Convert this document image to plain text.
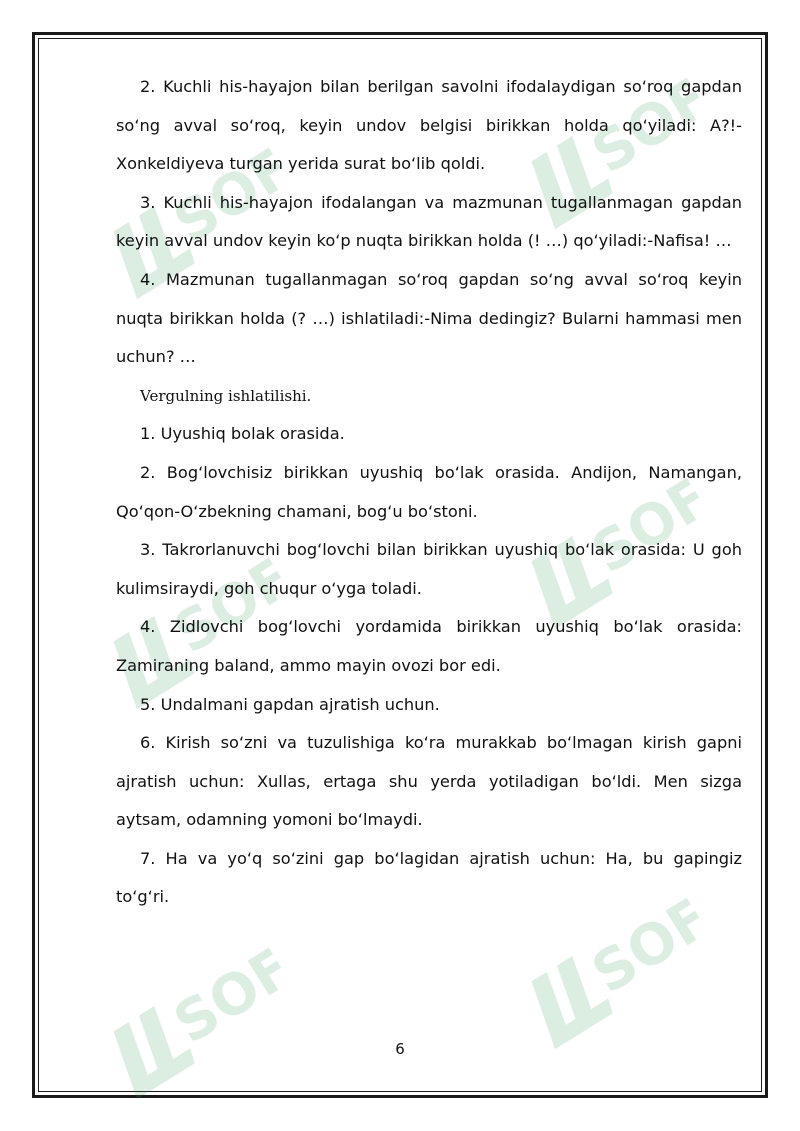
SOFF	SOFF
SOFF
SOFF
SOFF	SOFF

2. Kuchli his-hayajon bilan berilgan savolni ifodalaydigan so‘roq gapdan so‘ng avval so‘roq, keyin undov belgisi birikkan holda qo‘yiladi: A?!-Xonkeldiyeva turgan yerida surat bo‘lib qoldi.

3. Kuchli his-hayajon ifodalangan va mazmunan tugallanmagan gapdan keyin avval undov keyin ko‘p nuqta birikkan holda (! …) qo‘yiladi:-Nafisa! …

4. Mazmunan tugallanmagan so‘roq gapdan so‘ng avval so‘roq keyin nuqta birikkan holda (? …) ishlatiladi:-Nima dedingiz? Bularni hammasi men uchun? …

Vergulning ishlatilishi.

1. Uyushiq bolak orasida.

2. Bog‘lovchisiz birikkan uyushiq bo‘lak orasida. Andijon, Namangan, Qo‘qon-O‘zbekning chamani, bog‘u bo‘stoni.

3. Takrorlanuvchi bog‘lovchi bilan birikkan uyushiq bo‘lak orasida: U goh kulimsiraydi, goh chuqur o‘yga toladi.

4. Zidlovchi bog‘lovchi yordamida birikkan uyushiq bo‘lak orasida: Zamiraning baland, ammo mayin ovozi bor edi.

5. Undalmani gapdan ajratish uchun.

6. Kirish so‘zni va tuzulishiga ko‘ra murakkab bo‘lmagan kirish gapni ajratish uchun: Xullas, ertaga shu yerda yotiladigan bo‘ldi. Men sizga aytsam, odamning yomoni bo‘lmaydi.

7. Ha va yo‘q so‘zini gap bo‘lagidan ajratish uchun: Ha, bu gapingiz to‘g‘ri.

6
